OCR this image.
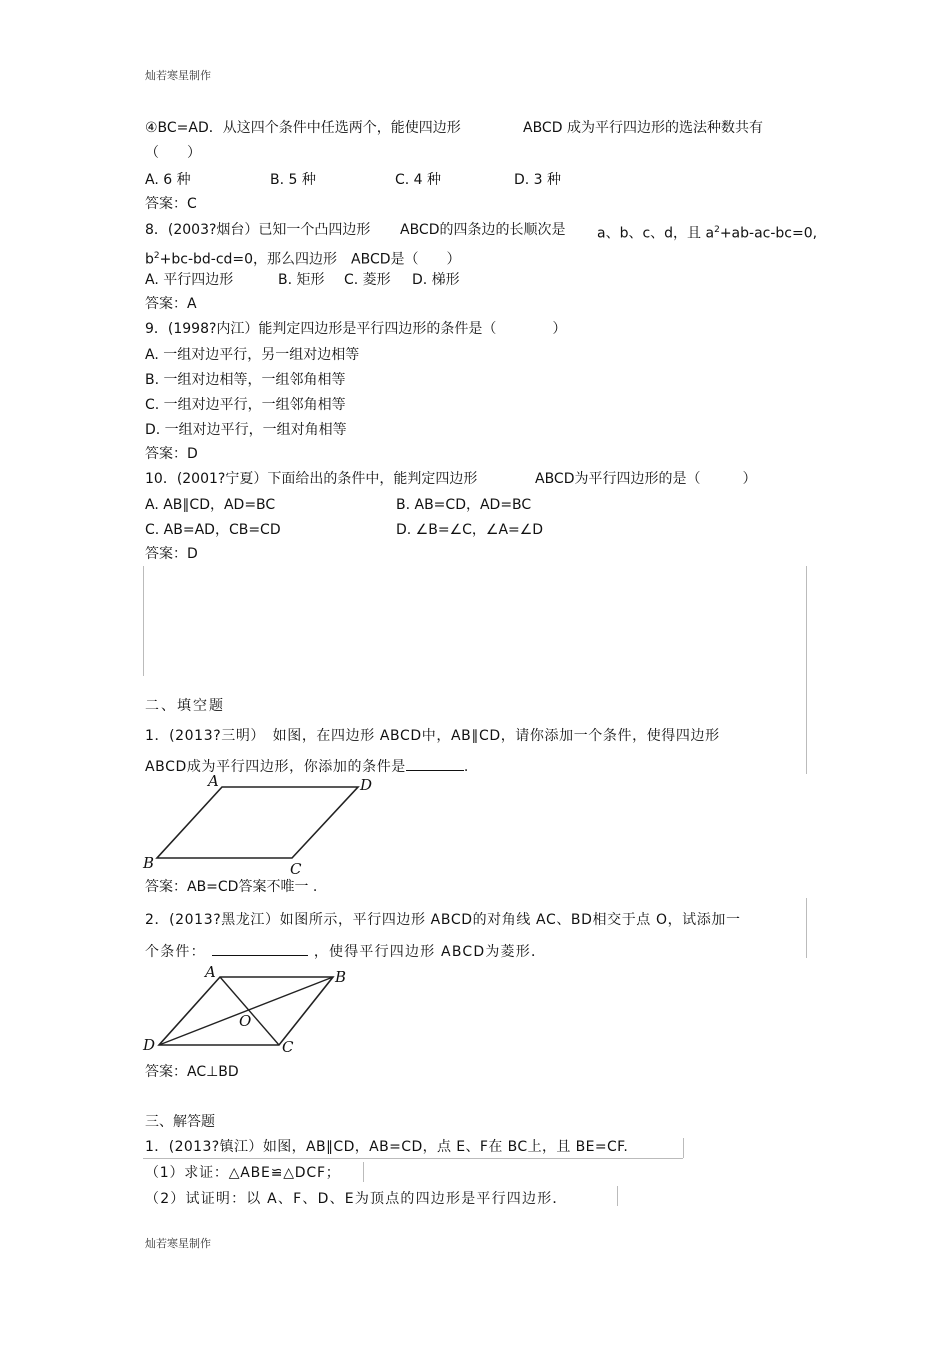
灿若寒星制作
④BC=AD．从这四个条件中任选两个，能使四边形	ABCD 成为平行四边形的选法种数共有
（　　）
A. 6 种	B. 5 种	C. 4 种	D. 3 种
答案：C
8．(2003?烟台）已知一个凸四边形 ABCD的四条边的长顺次是 a、b、c、d，且 $a^2+ab-ac-bc=0$,
$b^2+bc-bd-cd=0$，那么四边形　ABCD是（　　）
A. 平行四边形	B. 矩形 C. 菱形 D. 梯形
答案：A
9．(1998?内江）能判定四边形是平行四边形的条件是（　　　　）
A. 一组对边平行，另一组对边相等
B. 一组对边相等，一组邻角相等
C. 一组对边平行，一组邻角相等
D. 一组对边平行，一组对角相等
答案：D
10．(2001?宁夏）下面给出的条件中，能判定四边形	ABCD为平行四边形的是（　　　）
A. AB∥CD，AD=BC	B. AB=CD，AD=BC
C. AB=AD，CB=CD	D. ∠B=∠C，∠A=∠D
答案：D
二、填空题
1．(2013?三明）　如图，在四边形 ABCD中，AB∥CD，请你添加一个条件，使得四边形
ABCD成为平行四边形，你添加的条件是	.
A	D
B	C
答案：AB=CD答案不唯一 .
2．(2013?黑龙江）如图所示，平行四边形 ABCD的对角线 AC、BD相交于点 O，试添加一
个条件：	，使得平行四边形 ABCD为菱形．
A	B
D	C
O
答案：AC⊥BD
三、解答题
1．(2013?镇江）如图，AB∥CD，AB=CD，点 E、F在 BC上，且 BE=CF.
（1）求证：△ABE≌△DCF；
（2）试证明：以 A、F、D、E为顶点的四边形是平行四边形．
灿若寒星制作
